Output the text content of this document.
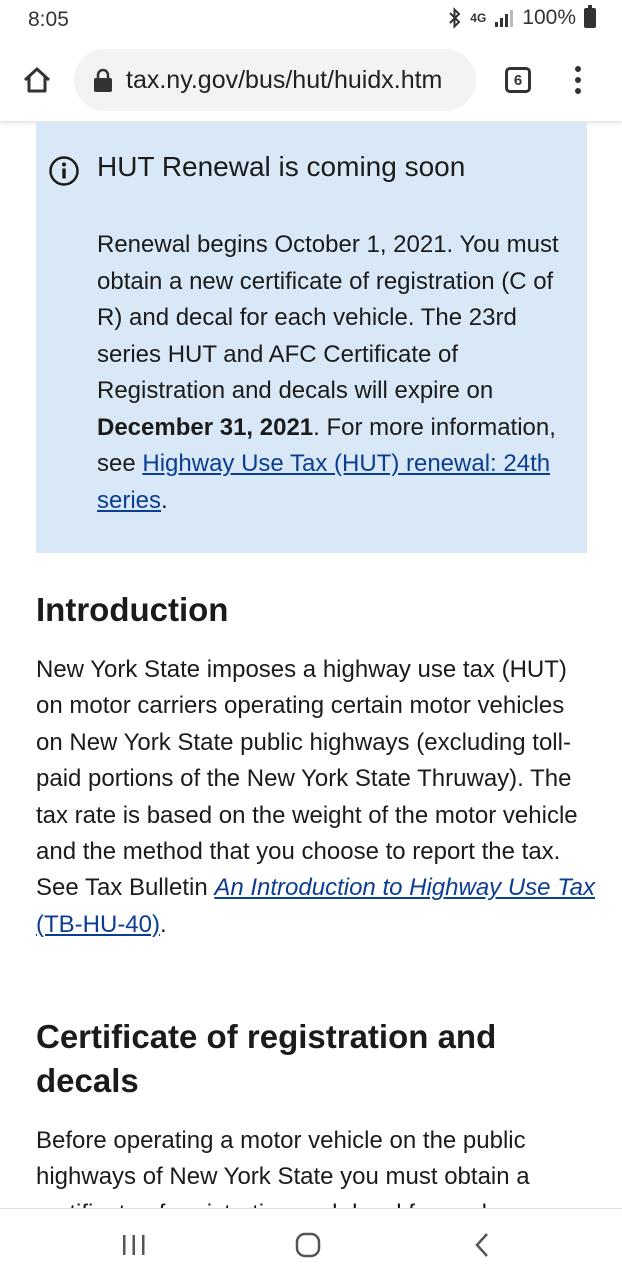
8:05	4G 100%
tax.ny.gov/bus/hut/huidx.htm	6
HUT Renewal is coming soon
Renewal begins October 1, 2021. You must obtain a new certificate of registration (C of R) and decal for each vehicle. The 23rd series HUT and AFC Certificate of Registration and decals will expire on December 31, 2021. For more information, see Highway Use Tax (HUT) renewal: 24th series.
Introduction
New York State imposes a highway use tax (HUT) on motor carriers operating certain motor vehicles on New York State public highways (excluding toll-paid portions of the New York State Thruway). The tax rate is based on the weight of the motor vehicle and the method that you choose to report the tax. See Tax Bulletin An Introduction to Highway Use Tax (TB-HU-40).
Certificate of registration and decals
Before operating a motor vehicle on the public highways of New York State you must obtain a
